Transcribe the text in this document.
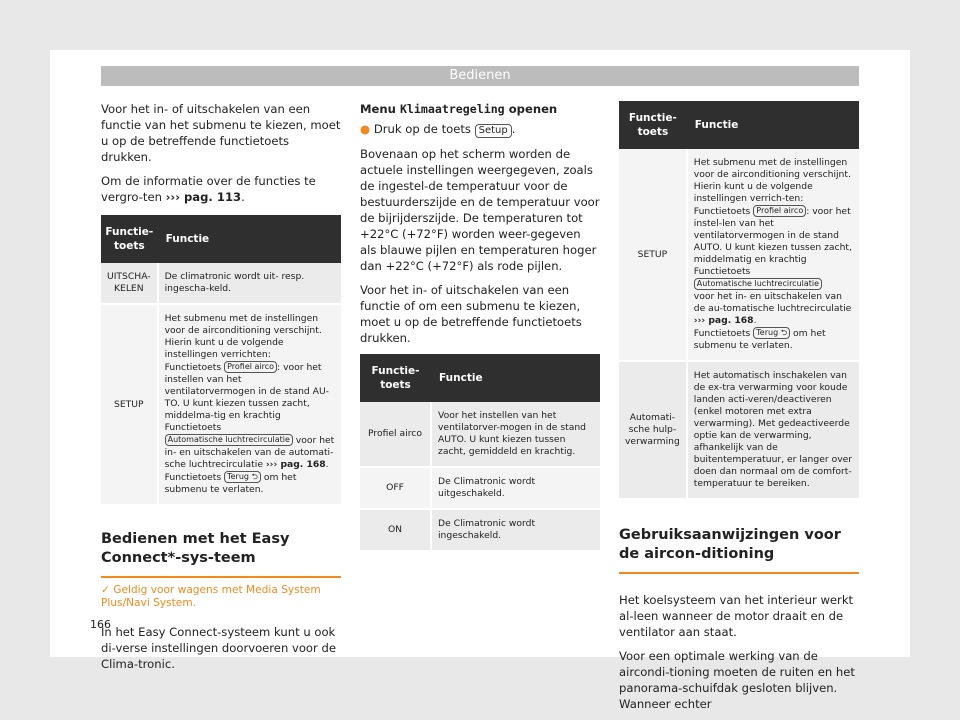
Bedienen

Voor het in- of uitschakelen van een functie van het submenu te kiezen, moet u op de betreffende functietoets drukken.

Om de informatie over de functies te vergro-ten ››› pag. 113.

Functie-toets	Functie
UITSCHA-KELEN	De climatronic wordt uit- resp. ingescha-keld.
SETUP	Het submenu met de instellingen voor de airconditioning verschijnt. Hierin kunt u de volgende instellingen verrichten:
Functietoets Profiel airco : voor het instellen van het ventilatorvermogen in de stand AU-TO. U kunt kiezen tussen zacht, middelma-tig en krachtig
Functietoets Automatische luchtrecirculatie voor het in- en uitschakelen van de automati-sche luchtrecirculatie ››› pag. 168.
Functietoets Terug ⮌ om het submenu te verlaten.
Bedienen met het Easy Connect*-sys-teem
✓ Geldig voor wagens met Media System Plus/Navi System.

In het Easy Connect-systeem kunt u ook di-verse instellingen doorvoeren voor de Clima-tronic.

Menu Klimaatregeling openen

● Druk op de toets Setup .

Bovenaan op het scherm worden de actuele instellingen weergegeven, zoals de ingestel-de temperatuur voor de bestuurderszijde en de temperatuur voor de bijrijderszijde. De temperaturen tot +22°C (+72°F) worden weer-gegeven als blauwe pijlen en temperaturen hoger dan +22°C (+72°F) als rode pijlen.

Voor het in- of uitschakelen van een functie of om een submenu te kiezen, moet u op de betreffende functietoets drukken.

Functie-toets	Functie
Profiel airco	Voor het instellen van het ventilatorver-mogen in de stand AUTO. U kunt kiezen tussen zacht, gemiddeld en krachtig.
OFF	De Climatronic wordt uitgeschakeld.
ON	De Climatronic wordt ingeschakeld.
Functie-toets	Functie
SETUP	Het submenu met de instellingen voor de airconditioning verschijnt. Hierin kunt u de volgende instellingen verrich-ten:
Functietoets Profiel airco : voor het instel-len van het ventilatorvermogen in de stand AUTO. U kunt kiezen tussen zacht, middelmatig en krachtig
Functietoets Automatische luchtrecirculatie
voor het in- en uitschakelen van de au-tomatische luchtrecirculatie ››› pag. 168.
Functietoets Terug ⮌ om het submenu te verlaten.
Automati-sche hulp-verwarming	Het automatisch inschakelen van de ex-tra verwarming voor koude landen acti-veren/deactiveren (enkel motoren met extra verwarming). Met gedeactiveerde optie kan de verwarming, afhankelijk van de buitentemperatuur, er langer over doen dan normaal om de comfort-temperatuur te bereiken.
Gebruiksaanwijzingen voor de aircon-ditioning

Het koelsysteem van het interieur werkt al-leen wanneer de motor draait en de ventilator aan staat.

Voor een optimale werking van de aircondi-tioning moeten de ruiten en het panorama-schuifdak gesloten blijven. Wanneer echter

166
